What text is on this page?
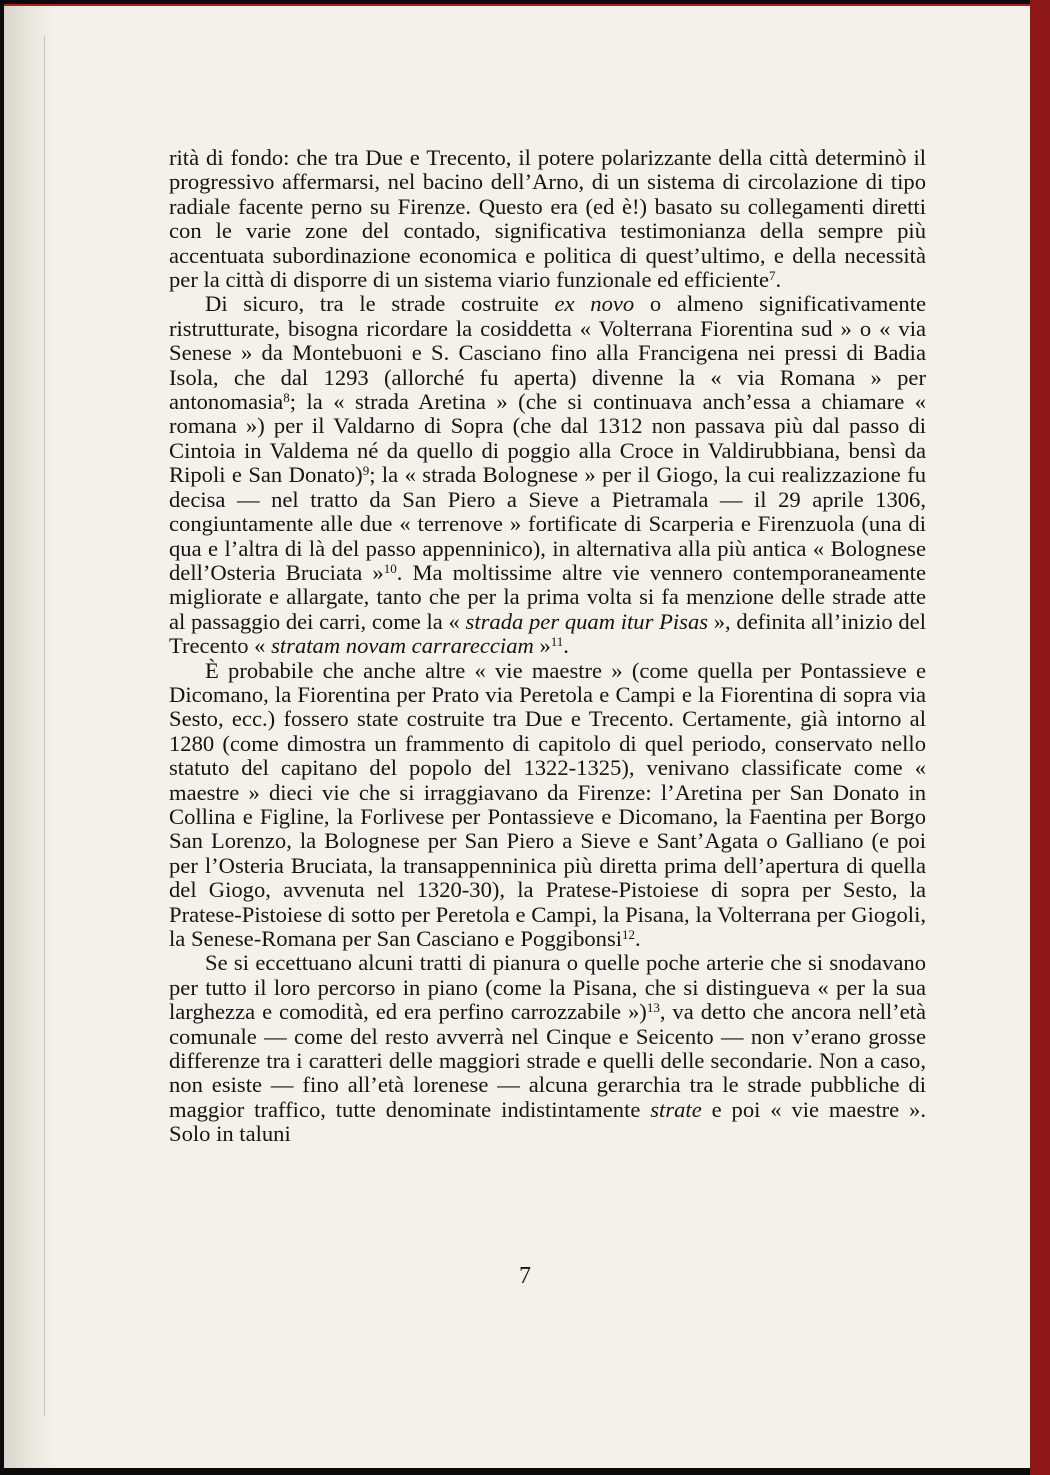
rità di fondo: che tra Due e Trecento, il potere polarizzante della città determinò il progressivo affermarsi, nel bacino dell’Arno, di un sistema di circolazione di tipo radiale facente perno su Firenze. Questo era (ed è!) basato su collegamenti diretti con le varie zone del contado, significativa testimonianza della sempre più accentuata subordinazione economica e politica di quest’ultimo, e della necessità per la città di disporre di un sistema viario funzionale ed efficiente$^7$.

Di sicuro, tra le strade costruite ex novo o almeno significativamente ristrutturate, bisogna ricordare la cosiddetta « Volterrana Fiorentina sud » o « via Senese » da Montebuoni e S. Casciano fino alla Francigena nei pressi di Badia Isola, che dal 1293 (allorché fu aperta) divenne la « via Romana » per antonomasia$^8$; la « strada Aretina » (che si continuava anch’essa a chiamare « romana ») per il Valdarno di Sopra (che dal 1312 non passava più dal passo di Cintoia in Valdema né da quello di poggio alla Croce in Valdirubbiana, bensì da Ripoli e San Donato)$^9$; la « strada Bolognese » per il Giogo, la cui realizzazione fu decisa — nel tratto da San Piero a Sieve a Pietramala — il 29 aprile 1306, congiuntamente alle due « terrenove » fortificate di Scarperia e Firenzuola (una di qua e l’altra di là del passo appenninico), in alternativa alla più antica « Bolognese dell’Osteria Bruciata »$^{10}$. Ma moltissime altre vie vennero contemporaneamente migliorate e allargate, tanto che per la prima volta si fa menzione delle strade atte al passaggio dei carri, come la « strada per quam itur Pisas », definita all’inizio del Trecento « stratam novam carrarecciam »$^{11}$.

È probabile che anche altre « vie maestre » (come quella per Pontassieve e Dicomano, la Fiorentina per Prato via Peretola e Campi e la Fiorentina di sopra via Sesto, ecc.) fossero state costruite tra Due e Trecento. Certamente, già intorno al 1280 (come dimostra un frammento di capitolo di quel periodo, conservato nello statuto del capitano del popolo del 1322-1325), venivano classificate come « maestre » dieci vie che si irraggiavano da Firenze: l’Aretina per San Donato in Collina e Figline, la Forlivese per Pontassieve e Dicomano, la Faentina per Borgo San Lorenzo, la Bolognese per San Piero a Sieve e Sant’Agata o Galliano (e poi per l’Osteria Bruciata, la transappenninica più diretta prima dell’apertura di quella del Giogo, avvenuta nel 1320-30), la Pratese-Pistoiese di sopra per Sesto, la Pratese-Pistoiese di sotto per Peretola e Campi, la Pisana, la Volterrana per Giogoli, la Senese-Romana per San Casciano e Poggibonsi$^{12}$.

Se si eccettuano alcuni tratti di pianura o quelle poche arterie che si snodavano per tutto il loro percorso in piano (come la Pisana, che si distingueva « per la sua larghezza e comodità, ed era perfino carrozzabile »)$^{13}$, va detto che ancora nell’età comunale — come del resto avverrà nel Cinque e Seicento — non v’erano grosse differenze tra i caratteri delle maggiori strade e quelli delle secondarie. Non a caso, non esiste — fino all’età lorenese — alcuna gerarchia tra le strade pubbliche di maggior traffico, tutte denominate indistintamente strate e poi « vie maestre ». Solo in taluni

7
